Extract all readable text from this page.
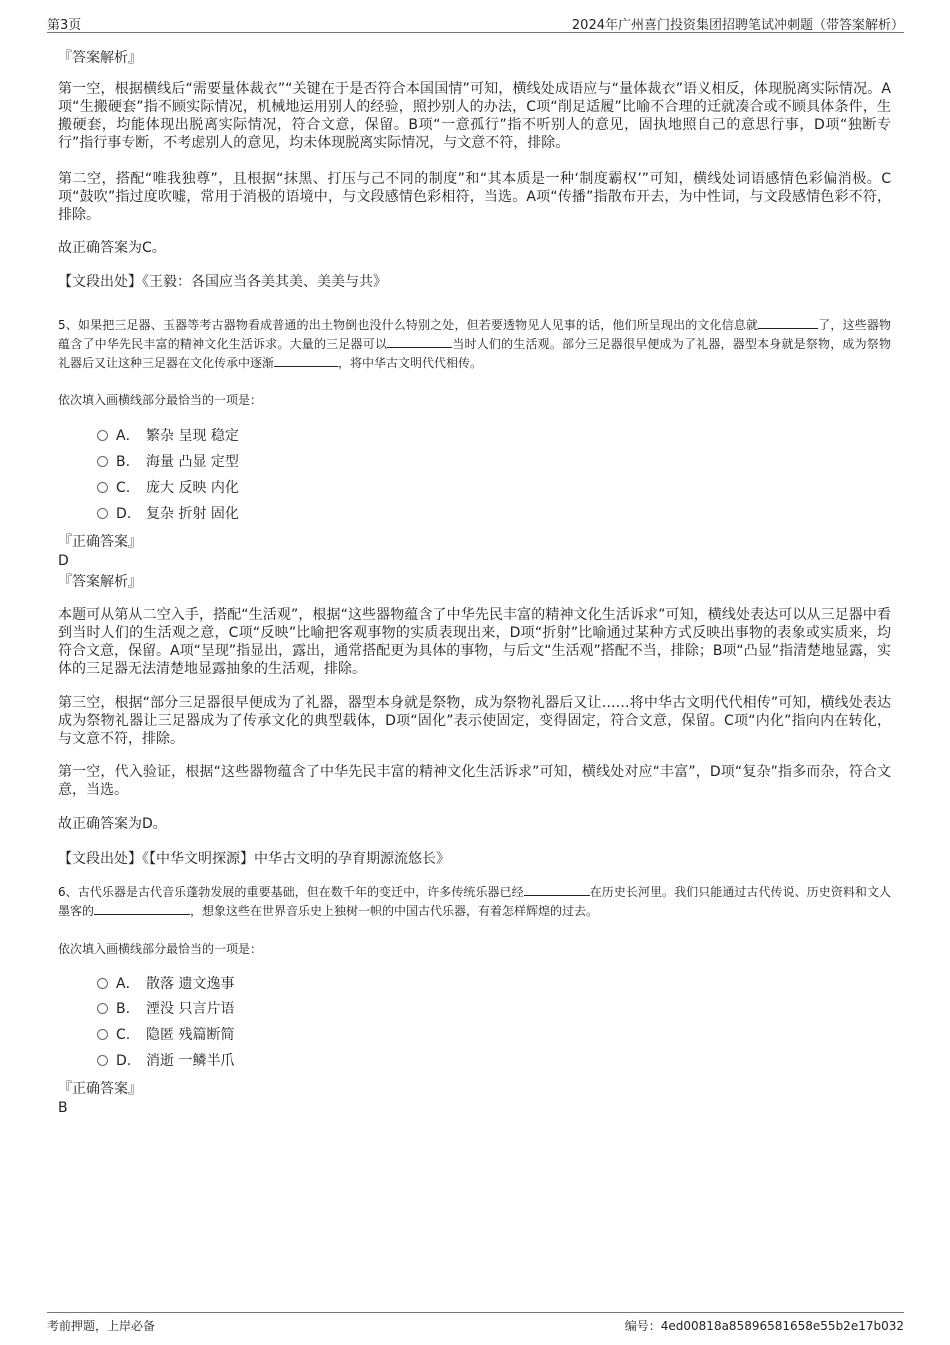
第3页	2024年广州喜门投资集团招聘笔试冲刺题（带答案解析）
『答案解析』

第一空，根据横线后“需要量体裁衣”“关键在于是否符合本国国情”可知，横线处成语应与“量体裁衣”语义相反，体现脱离实际情况。A项“生搬硬套”指不顾实际情况，机械地运用别人的经验，照抄别人的办法，C项“削足适履”比喻不合理的迁就凑合或不顾具体条件，生搬硬套，均能体现出脱离实际情况，符合文意，保留。B项“一意孤行”指不听别人的意见，固执地照自己的意思行事，D项“独断专行”指行事专断，不考虑别人的意见，均未体现脱离实际情况，与文意不符，排除。

第二空，搭配“唯我独尊”，且根据“抹黑、打压与己不同的制度”和“其本质是一种‘制度霸权’”可知，横线处词语感情色彩偏消极。C项“鼓吹”指过度吹嘘，常用于消极的语境中，与文段感情色彩相符，当选。A项“传播”指散布开去，为中性词，与文段感情色彩不符，排除。

故正确答案为C。
【文段出处】《王毅：各国应当各美其美、美美与共》

5、如果把三足器、玉器等考古器物看成普通的出土物倒也没什么特别之处，但若要透物见人见事的话，他们所呈现出的文化信息就	了，这些器物蕴含了中华先民丰富的精神文化生活诉求。大量的三足器可以	当时人们的生活观。部分三足器很早便成为了礼器，器型本身就是祭物，成为祭物礼器后又让这种三足器在文化传承中逐渐	，将中华古文明代代相传。

依次填入画横线部分最恰当的一项是：
A． 繁杂 呈现 稳定
B. 海量 凸显 定型
C. 庞大 反映 内化
D. 复杂 折射 固化
『正确答案』
D
『答案解析』

本题可从第从二空入手，搭配“生活观”，根据“这些器物蕴含了中华先民丰富的精神文化生活诉求”可知，横线处表达可以从三足器中看到当时人们的生活观之意，C项“反映”比喻把客观事物的实质表现出来，D项“折射”比喻通过某种方式反映出事物的表象或实质来，均符合文意，保留。A项“呈现”指显出，露出，通常搭配更为具体的事物，与后文“生活观”搭配不当，排除；B项“凸显”指清楚地显露，实体的三足器无法清楚地显露抽象的生活观，排除。

第三空，根据“部分三足器很早便成为了礼器，器型本身就是祭物，成为祭物礼器后又让……将中华古文明代代相传”可知，横线处表达成为祭物礼器让三足器成为了传承文化的典型载体，D项“固化”表示使固定，变得固定，符合文意，保留。C项“内化”指向内在转化，与文意不符，排除。

第一空，代入验证，根据“这些器物蕴含了中华先民丰富的精神文化生活诉求”可知，横线处对应“丰富”，D项“复杂”指多而杂，符合文意，当选。

故正确答案为D。
【文段出处】《【中华文明探源】中华古文明的孕育期源流悠长》

6、古代乐器是古代音乐蓬勃发展的重要基础，但在数千年的变迁中，许多传统乐器已经	在历史长河里。我们只能通过古代传说、历史资料和文人墨客的	，想象这些在世界音乐史上独树一帜的中国古代乐器，有着怎样辉煌的过去。

依次填入画横线部分最恰当的一项是：
A． 散落 遗文逸事
B. 湮没 只言片语
C. 隐匿 残篇断简
D. 消逝 一鳞半爪
『正确答案』
B
考前押题，上岸必备	编号：4ed00818a85896581658e55b2e17b032
